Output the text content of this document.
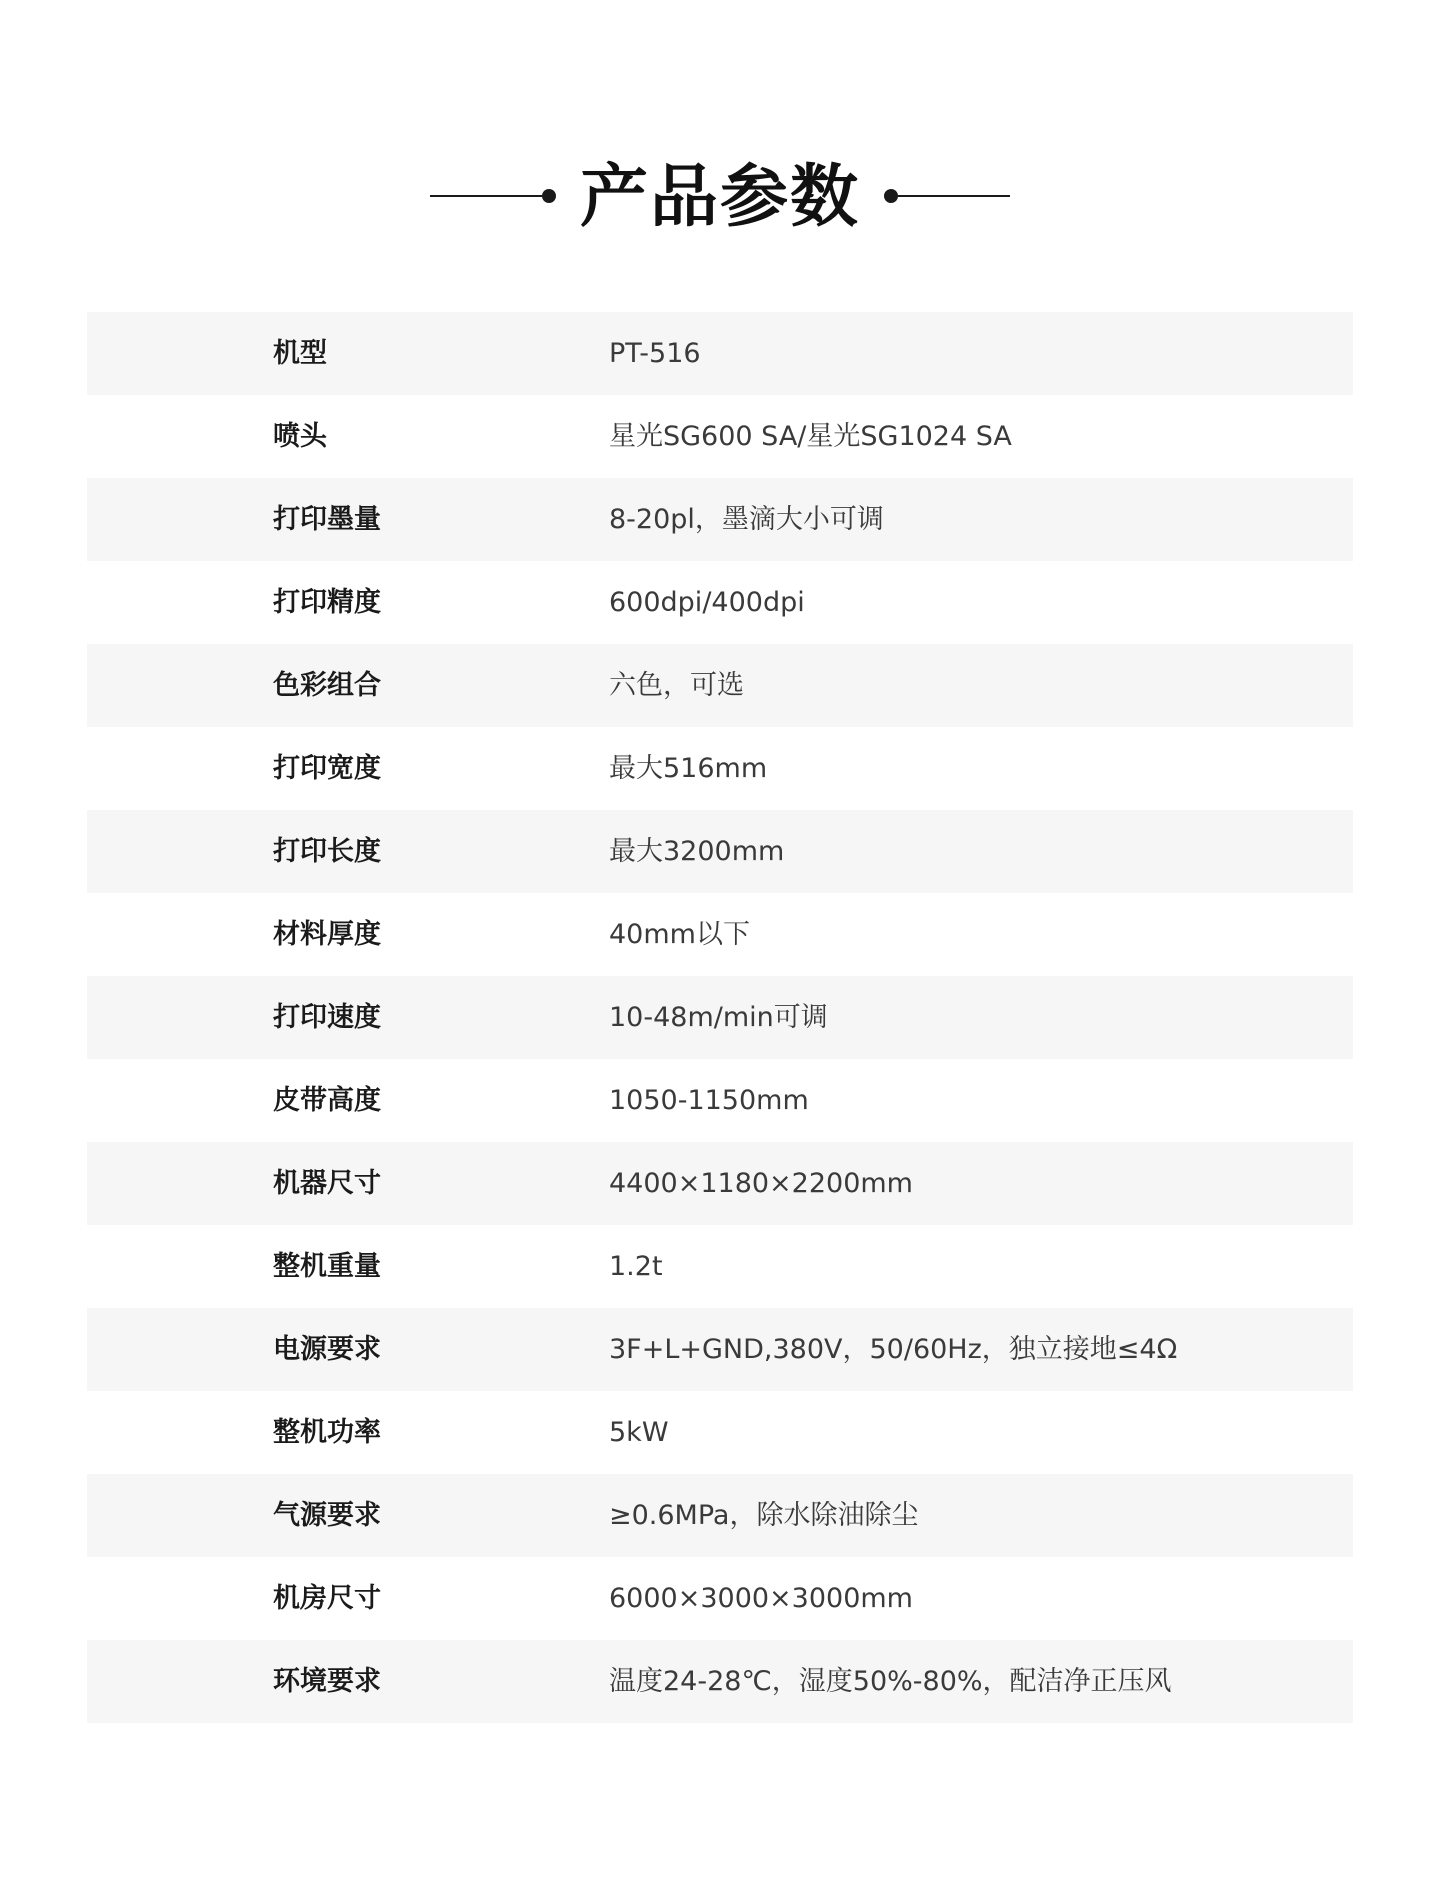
产品参数
机型	PT-516
喷头	星光SG600 SA/星光SG1024 SA
打印墨量	8-20pl，墨滴大小可调
打印精度	600dpi/400dpi
色彩组合	六色，可选
打印宽度	最大516mm
打印长度	最大3200mm
材料厚度	40mm以下
打印速度	10-48m/min可调
皮带高度	1050-1150mm
机器尺寸	4400×1180×2200mm
整机重量	1.2t
电源要求	3F+L+GND,380V，50/60Hz，独立接地≤4Ω
整机功率	5kW
气源要求	≥0.6MPa，除水除油除尘
机房尺寸	6000×3000×3000mm
环境要求	温度24-28℃，湿度50%-80%，配洁净正压风
